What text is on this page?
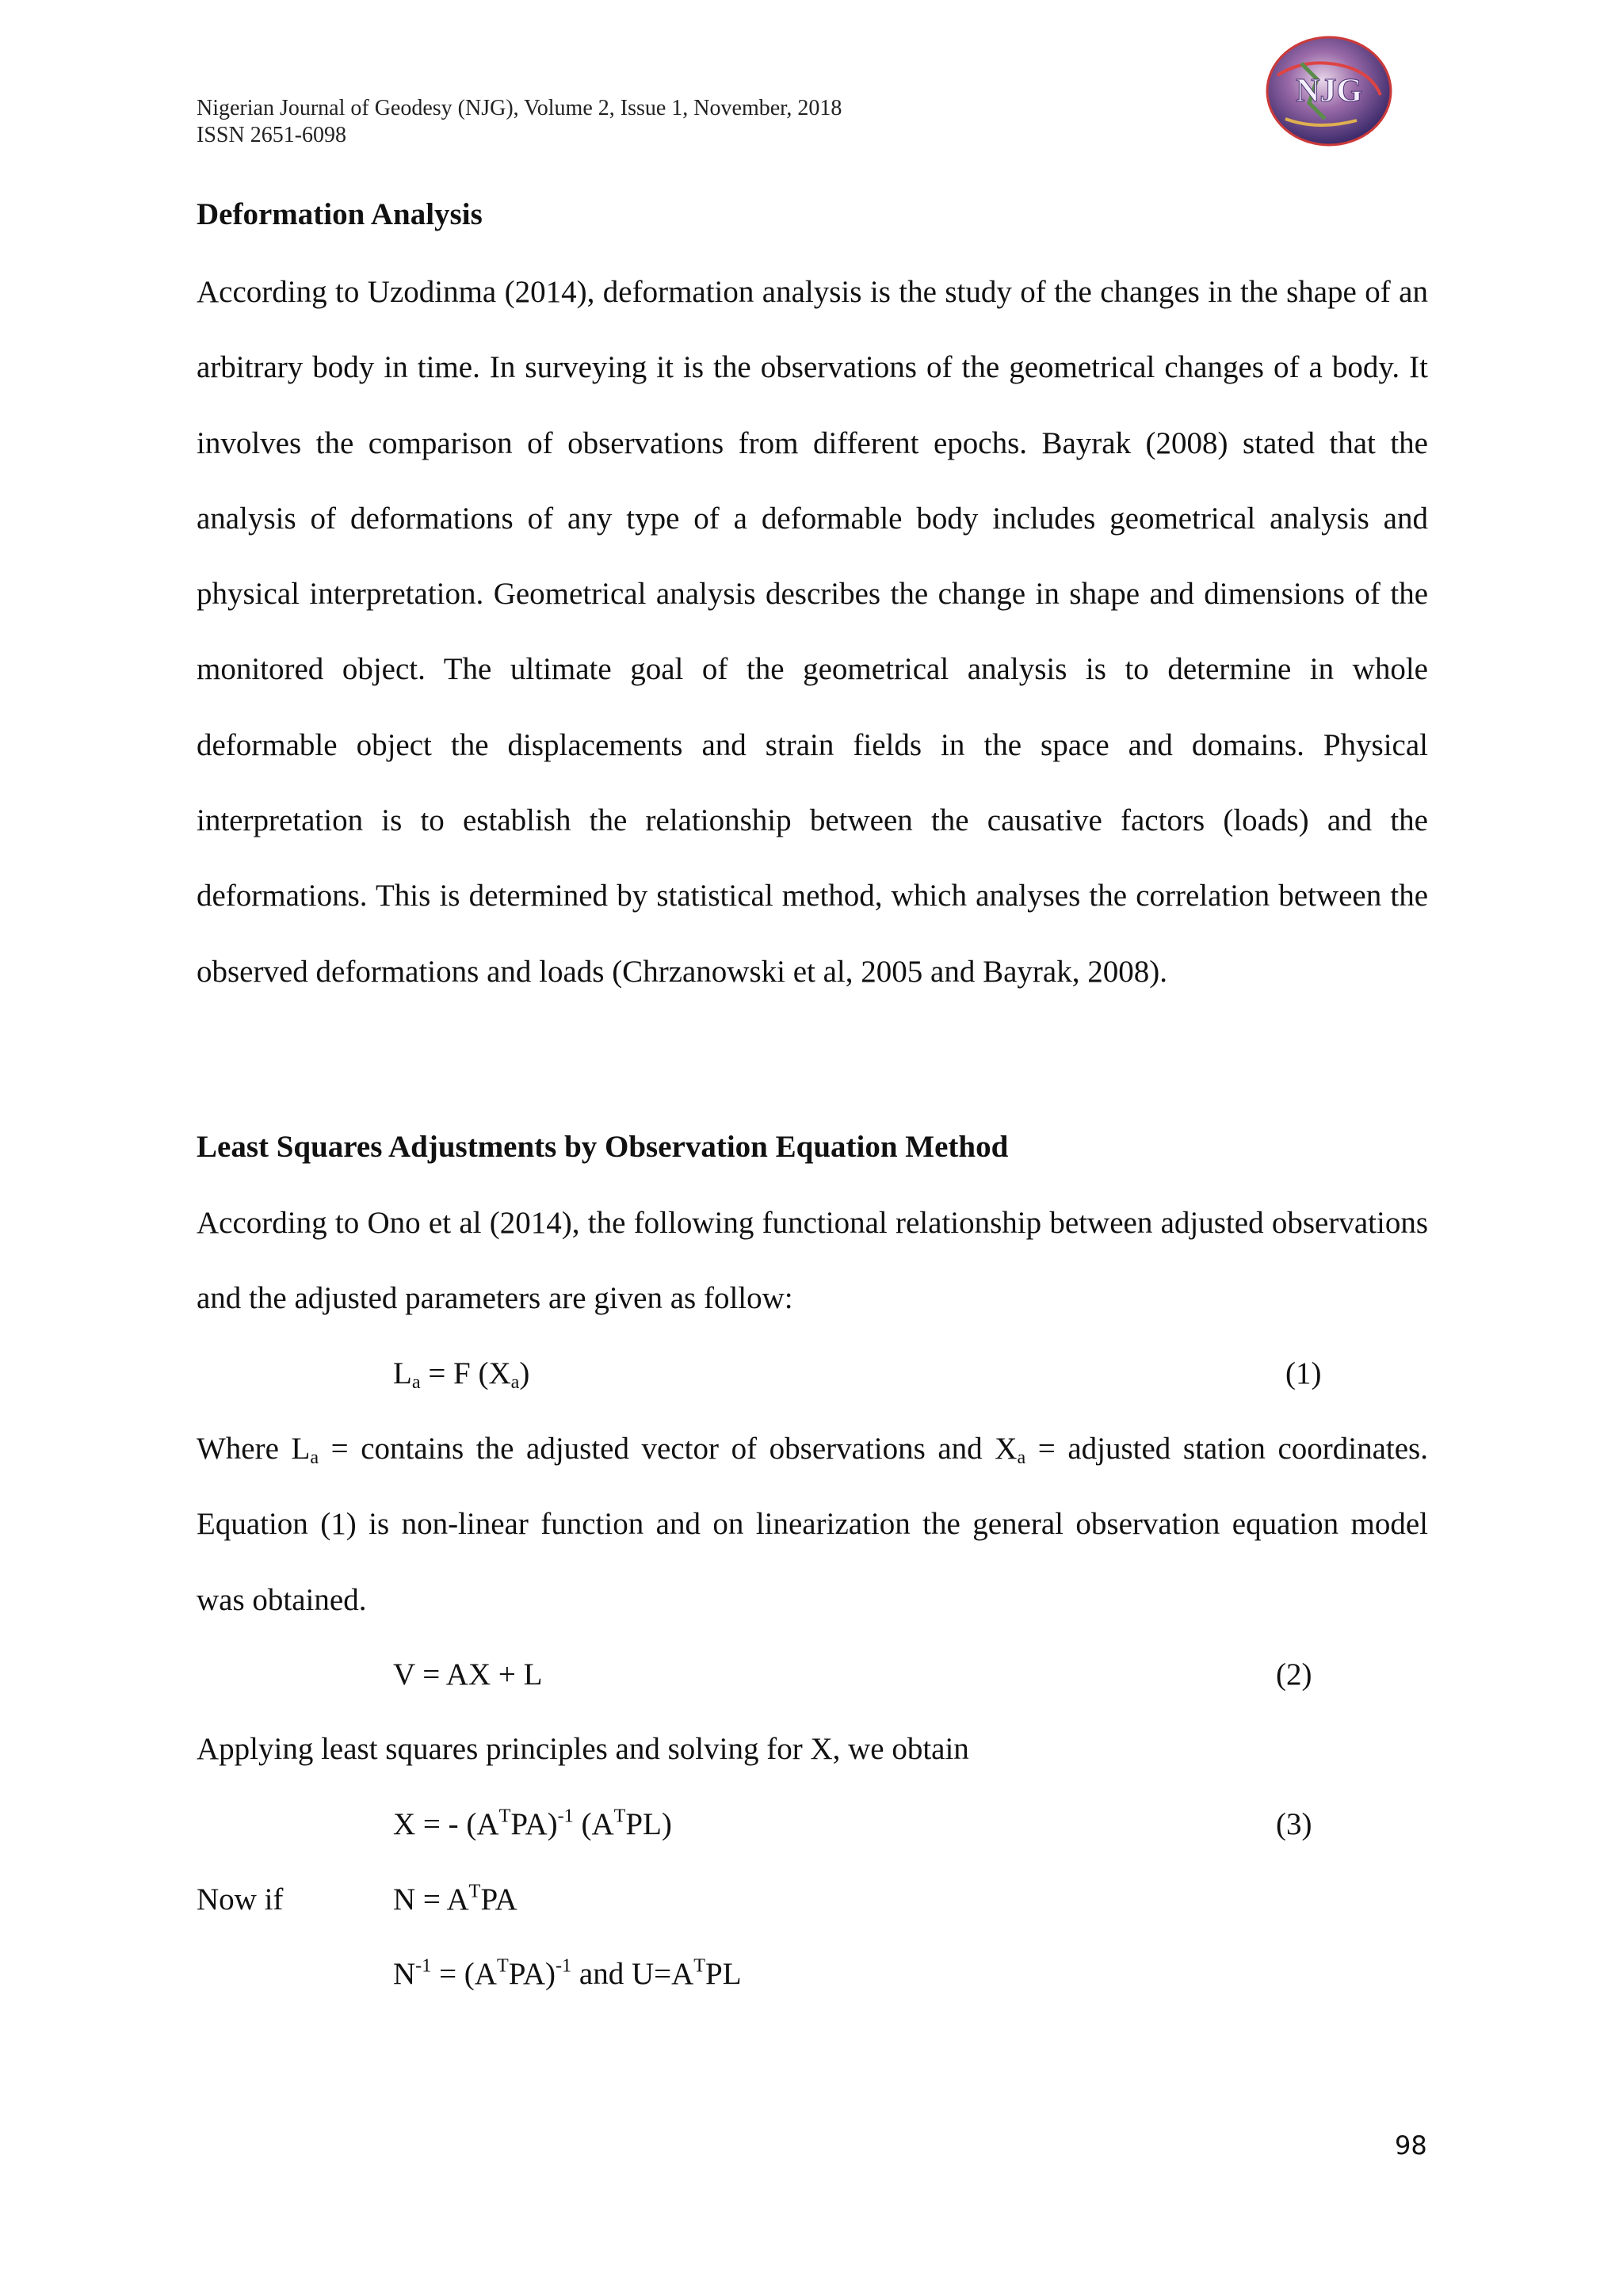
Nigerian Journal of Geodesy (NJG), Volume 2, Issue 1, November, 2018
ISSN 2651-6098
NJG
Deformation Analysis

According to Uzodinma (2014), deformation analysis is the study of the changes in the shape of an arbitrary body in time. In surveying it is the observations of the geometrical changes of a body. It involves the comparison of observations from different epochs. Bayrak (2008) stated that the analysis of deformations of any type of a deformable body includes geometrical analysis and physical interpretation. Geometrical analysis describes the change in shape and dimensions of the monitored object. The ultimate goal of the geometrical analysis is to determine in whole deformable object the displacements and strain fields in the space and domains. Physical interpretation is to establish the relationship between the causative factors (loads) and the deformations. This is determined by statistical method, which analyses the correlation between the observed deformations and loads (Chrzanowski et al, 2005 and Bayrak, 2008).

Least Squares Adjustments by Observation Equation Method

According to Ono et al (2014), the following functional relationship between adjusted observations and the adjusted parameters are given as follow:

$L_a = F$ $(X_a)$	(1)

Where $L_a$ = contains the adjusted vector of observations and $X_a$ = adjusted station coordinates. Equation (1) is non-linear function and on linearization the general observation equation model was obtained.

V = AX + L	(2)
Applying least squares principles and solving for X, we obtain
X = - $(A^TPA)^{-1}$ $(A^TPL)$	(3)
Now if	$N = A^TPA$
$N^{-1} = (A^TPA)^{-1}$ and $U=A^TPL$
98
